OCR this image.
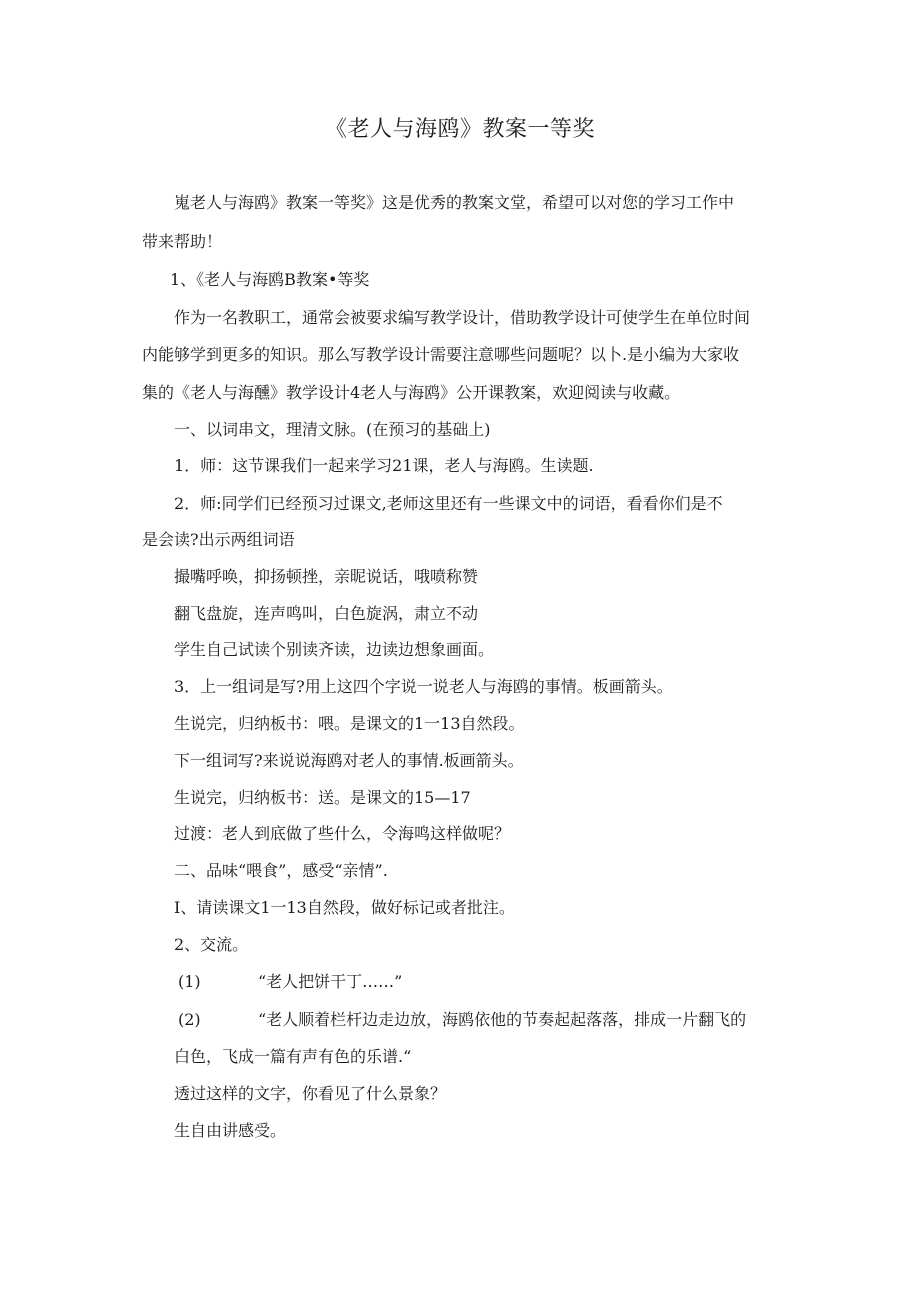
《老人与海鸥》教案一等奖
嵬老人与海鸥》教案一等奖》这是优秀的教案文堂，希望可以对您的学习工作中
带来帮助！
1、《老人与海鸥B教案•等奖
作为一名教职工，通常会被要求编写教学设计，借助教学设计可使学生在单位时间
内能够学到更多的知识。那么写教学设计需要注意哪些问题呢？以卜.是小编为大家收
集的《老人与海醺》教学设计4老人与海鸥》公开课教案，欢迎阅读与收藏。
一、以词串文，理清文脉。(在预习的基础上)
1．师：这节课我们一起来学习21课，老人与海鸥。生读题.
2．师:同学们已经预习过课文,老师这里还有一些课文中的词语，看看你们是不
是会读?出示两组词语
撮嘴呼唤，抑扬顿挫，亲昵说话，哦喷称赞
翻飞盘旋，连声鸣叫，白色旋涡，肃立不动
学生自己试读个别读齐读，边读边想象画面。
3．上一组词是写?用上这四个字说一说老人与海鸥的事情。板画箭头。
生说完，归纳板书：喂。是课文的1一13自然段。
下一组词写?来说说海鸥对老人的事情.板画箭头。
生说完，归纳板书：送。是课文的15—17
过渡：老人到底做了些什么，令海鸣这样做呢？
二、品味“喂食”，感受“亲情”.
I、请读课文1一13自然段，做好标记或者批注。
2、交流。
(1)	“老人把饼干丁……”
(2)	“老人顺着栏杆边走边放，海鸥依他的节奏起起落落，排成一片翻飞的
白色，飞成一篇有声有色的乐谱.“
透过这样的文字，你看见了什么景象？
生自由讲感受。
